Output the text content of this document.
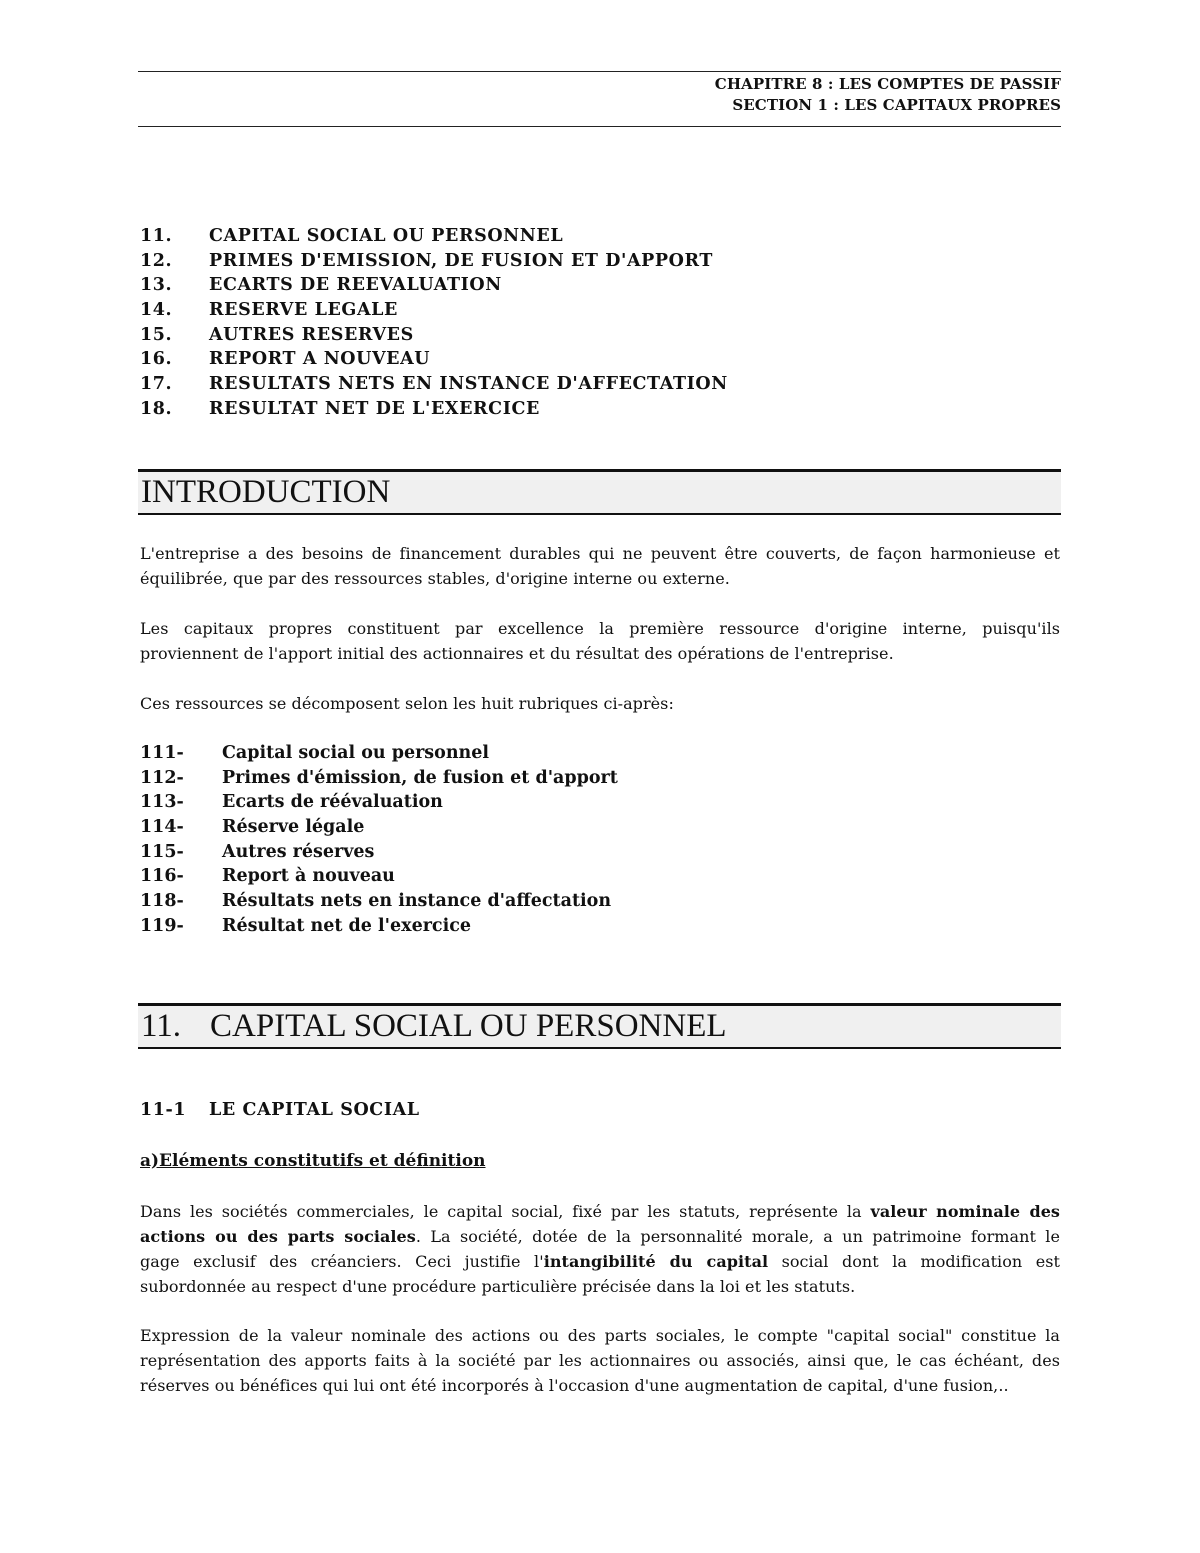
CHAPITRE 8 : LES COMPTES DE PASSIF
SECTION 1 : LES CAPITAUX PROPRES
11. CAPITAL SOCIAL OU PERSONNEL
12. PRIMES D'EMISSION, DE FUSION ET D'APPORT
13. ECARTS DE REEVALUATION
14. RESERVE LEGALE
15. AUTRES RESERVES
16. REPORT A NOUVEAU
17. RESULTATS NETS EN INSTANCE D'AFFECTATION
18. RESULTAT NET DE L'EXERCICE
INTRODUCTION
L'entreprise a des besoins de financement durables qui ne peuvent être couverts, de façon harmonieuse et
équilibrée, que par des ressources stables, d'origine interne ou externe.
Les capitaux propres constituent par excellence la première ressource d'origine interne, puisqu'ils
proviennent de l'apport initial des actionnaires et du résultat des opérations de l'entreprise.
Ces ressources se décomposent selon les huit rubriques ci-après:
111- Capital social ou personnel
112- Primes d'émission, de fusion et d'apport
113- Ecarts de réévaluation
114- Réserve légale
115- Autres réserves
116- Report à nouveau
118- Résultats nets en instance d'affectation
119- Résultat net de l'exercice
11. CAPITAL SOCIAL OU PERSONNEL
11-1 LE CAPITAL SOCIAL
a)Eléments constitutifs et définition
Dans les sociétés commerciales, le capital social, fixé par les statuts, représente la valeur nominale des
actions ou des parts sociales. La société, dotée de la personnalité morale, a un patrimoine formant le
gage exclusif des créanciers. Ceci justifie l'intangibilité du capital social dont la modification est
subordonnée au respect d'une procédure particulière précisée dans la loi et les statuts.
Expression de la valeur nominale des actions ou des parts sociales, le compte "capital social" constitue la
représentation des apports faits à la société par les actionnaires ou associés, ainsi que, le cas échéant, des
réserves ou bénéfices qui lui ont été incorporés à l'occasion d'une augmentation de capital, d'une fusion,..
